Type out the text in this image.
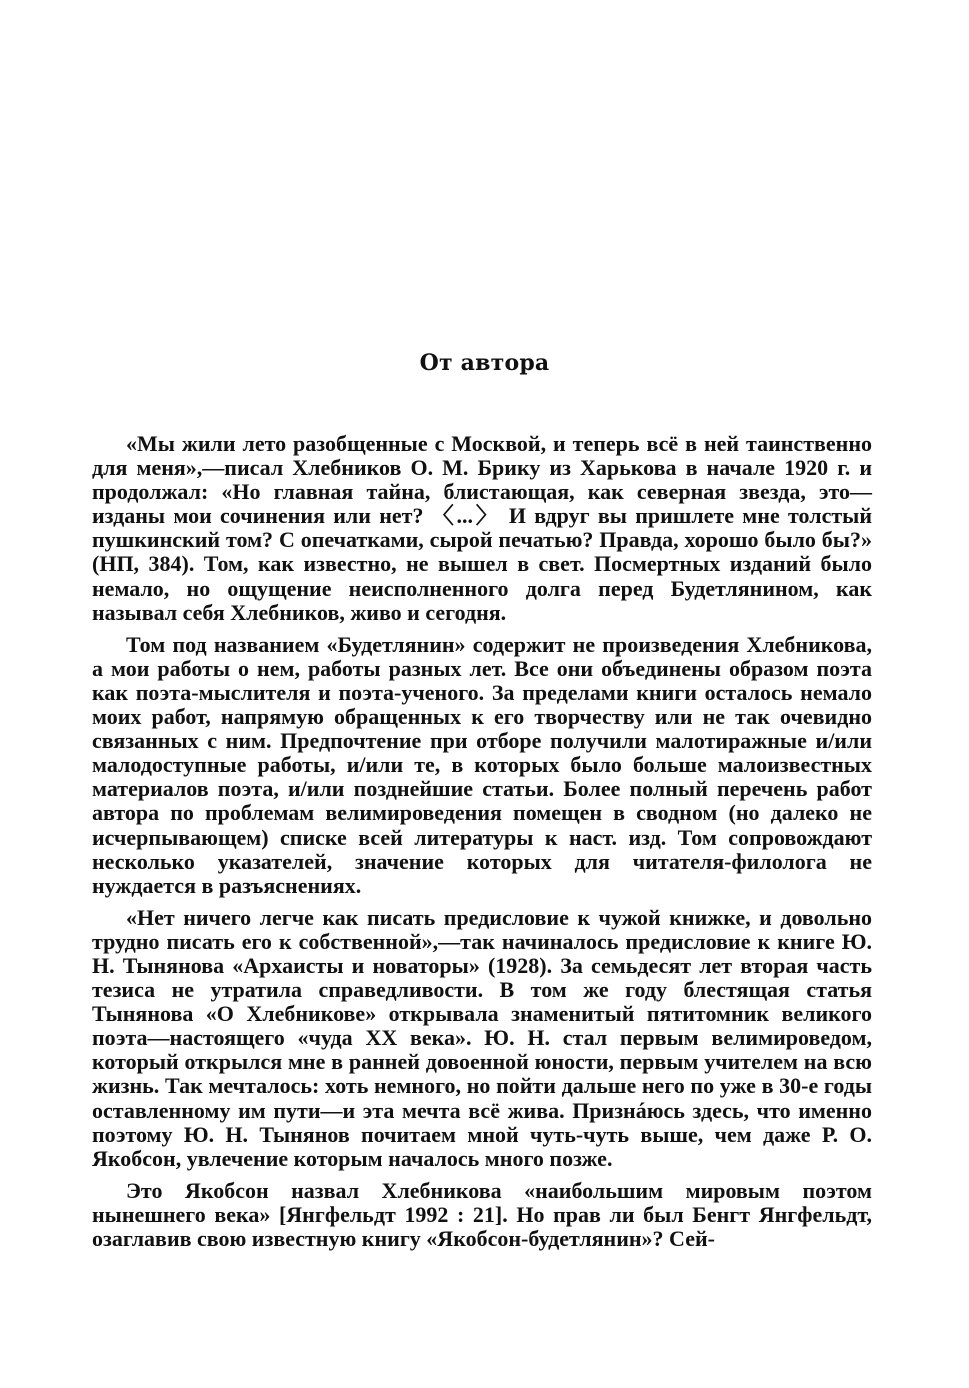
От автора

«Мы жили лето разобщенные с Москвой, и теперь всё в ней таинственно для меня»,—писал Хлебников О. М. Брику из Харькова в начале 1920 г. и продолжал: «Но главная тайна, блистающая, как северная звезда, это—изданы мои сочинения или нет? 〈...〉 И вдруг вы пришлете мне толстый пушкинский том? С опечатками, сырой печатью? Правда, хорошо было бы?» (НП, 384). Том, как известно, не вышел в свет. Посмертных изданий было немало, но ощущение неисполненного долга перед Будетлянином, как называл себя Хлебников, живо и сегодня.

Том под названием «Будетлянин» содержит не произведения Хлебникова, а мои работы о нем, работы разных лет. Все они объединены образом поэта как поэта-мыслителя и поэта-ученого. За пределами книги осталось немало моих работ, напрямую обращенных к его творчеству или не так очевидно связанных с ним. Предпочтение при отборе получили малотиражные и/или малодоступные работы, и/или те, в которых было больше малоизвестных материалов поэта, и/или позднейшие статьи. Более полный перечень работ автора по проблемам велимироведения помещен в сводном (но далеко не исчерпывающем) списке всей литературы к наст. изд. Том сопровождают несколько указателей, значение которых для читателя-филолога не нуждается в разъяснениях.

«Нет ничего легче как писать предисловие к чужой книжке, и довольно трудно писать его к собственной»,—так начиналось предисловие к книге Ю. Н. Тынянова «Архаисты и новаторы» (1928). За семьдесят лет вторая часть тезиса не утратила справедливости. В том же году блестящая статья Тынянова «О Хлебникове» открывала знаменитый пятитомник великого поэта—настоящего «чуда XX века». Ю. Н. стал первым велимироведом, который открылся мне в ранней довоенной юности, первым учителем на всю жизнь. Так мечталось: хоть немного, но пойти дальше него по уже в 30-е годы оставленному им пути—и эта мечта всё жива. Признáюсь здесь, что именно поэтому Ю. Н. Тынянов почитаем мной чуть-чуть выше, чем даже Р. О. Якобсон, увлечение которым началось много позже.

Это Якобсон назвал Хлебникова «наибольшим мировым поэтом нынешнего века» [Янгфельдт 1992 : 21]. Но прав ли был Бенгт Янгфельдт, озаглавив свою известную книгу «Якобсон-будетлянин»? Сей-
